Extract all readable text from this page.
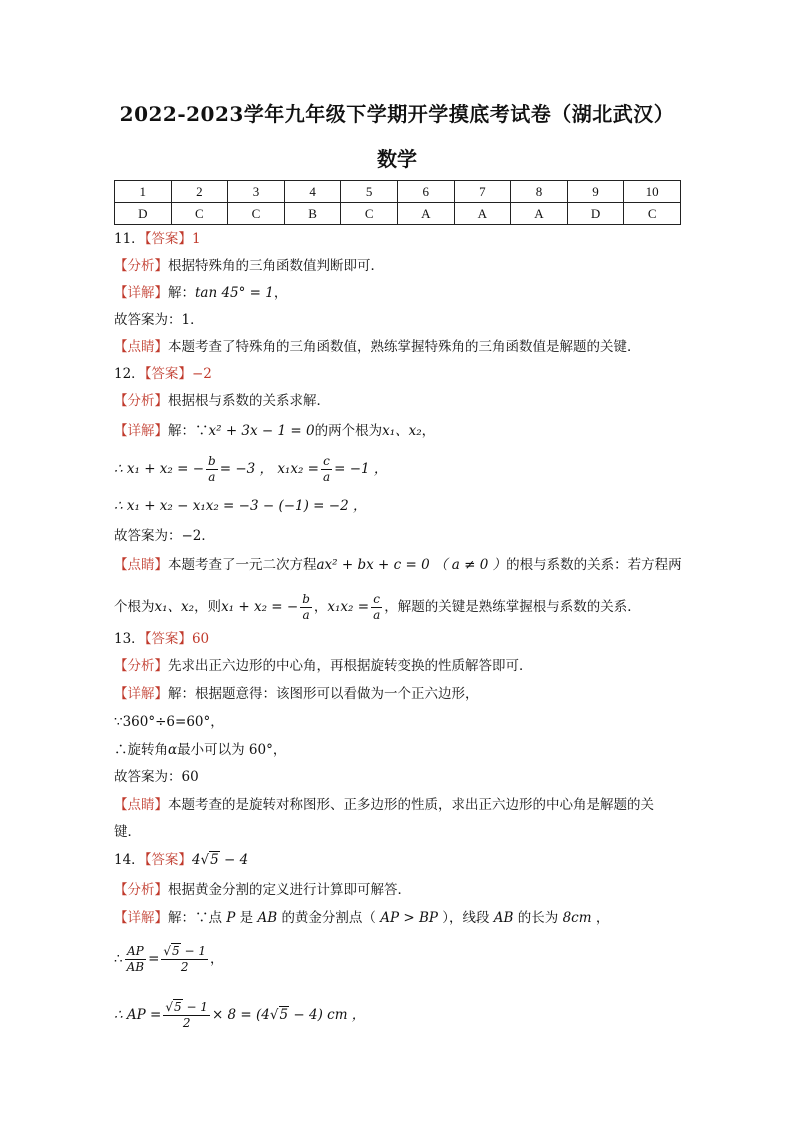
2022-2023学年九年级下学期开学摸底考试卷（湖北武汉）
数学
1	2	3	4	5	6	7	8	9	10
D	C	C	B	C	A	A	A	D	C
11．【答案】1
【分析】根据特殊角的三角函数值判断即可．
【详解】解：tan 45° = 1，
故答案为：1．
【点睛】本题考查了特殊角的三角函数值，熟练掌握特殊角的三角函数值是解题的关键．
12．【答案】−2
【分析】根据根与系数的关系求解．
【详解】解：∵x² + 3x − 1 = 0的两个根为x₁、x₂，
∴ x₁ + x₂ = − $\frac{b}{a} = -3$ ， $x_1x_2 = \frac{c}{a} = -1$ ，
∴ x₁ + x₂ − x₁x₂ = −3 − (−1) = −2 ，
故答案为：−2．
【点睛】本题考查了一元二次方程ax² + bx + c = 0 （ a ≠ 0 ）的根与系数的关系：若方程两
个根为x₁、x₂，则x₁ + x₂ = − $\frac{b}{a}$ ，$x_1x_2 = \frac{c}{a}$ ，解题的关键是熟练掌握根与系数的关系．
13．【答案】60
【分析】先求出正六边形的中心角，再根据旋转变换的性质解答即可．
【详解】解：根据题意得：该图形可以看做为一个正六边形，
∵360°÷6=60°，
∴旋转角α最小可以为 60°，
故答案为：60
【点睛】本题考查的是旋转对称图形、正多边形的性质，求出正六边形的中心角是解题的关
键．
14．【答案】4√5 − 4
【分析】根据黄金分割的定义进行计算即可解答．
【详解】解：∵点 P 是 AB 的黄金分割点（ AP > BP ），线段 AB 的长为 8cm ，
∴ $\frac{AP}{AB} = \frac{√5 - 1}{2}$ ，
∴ AP = $\frac{√5 - 1}{2} \times 8 = (4√5 - 4)$ cm ，
